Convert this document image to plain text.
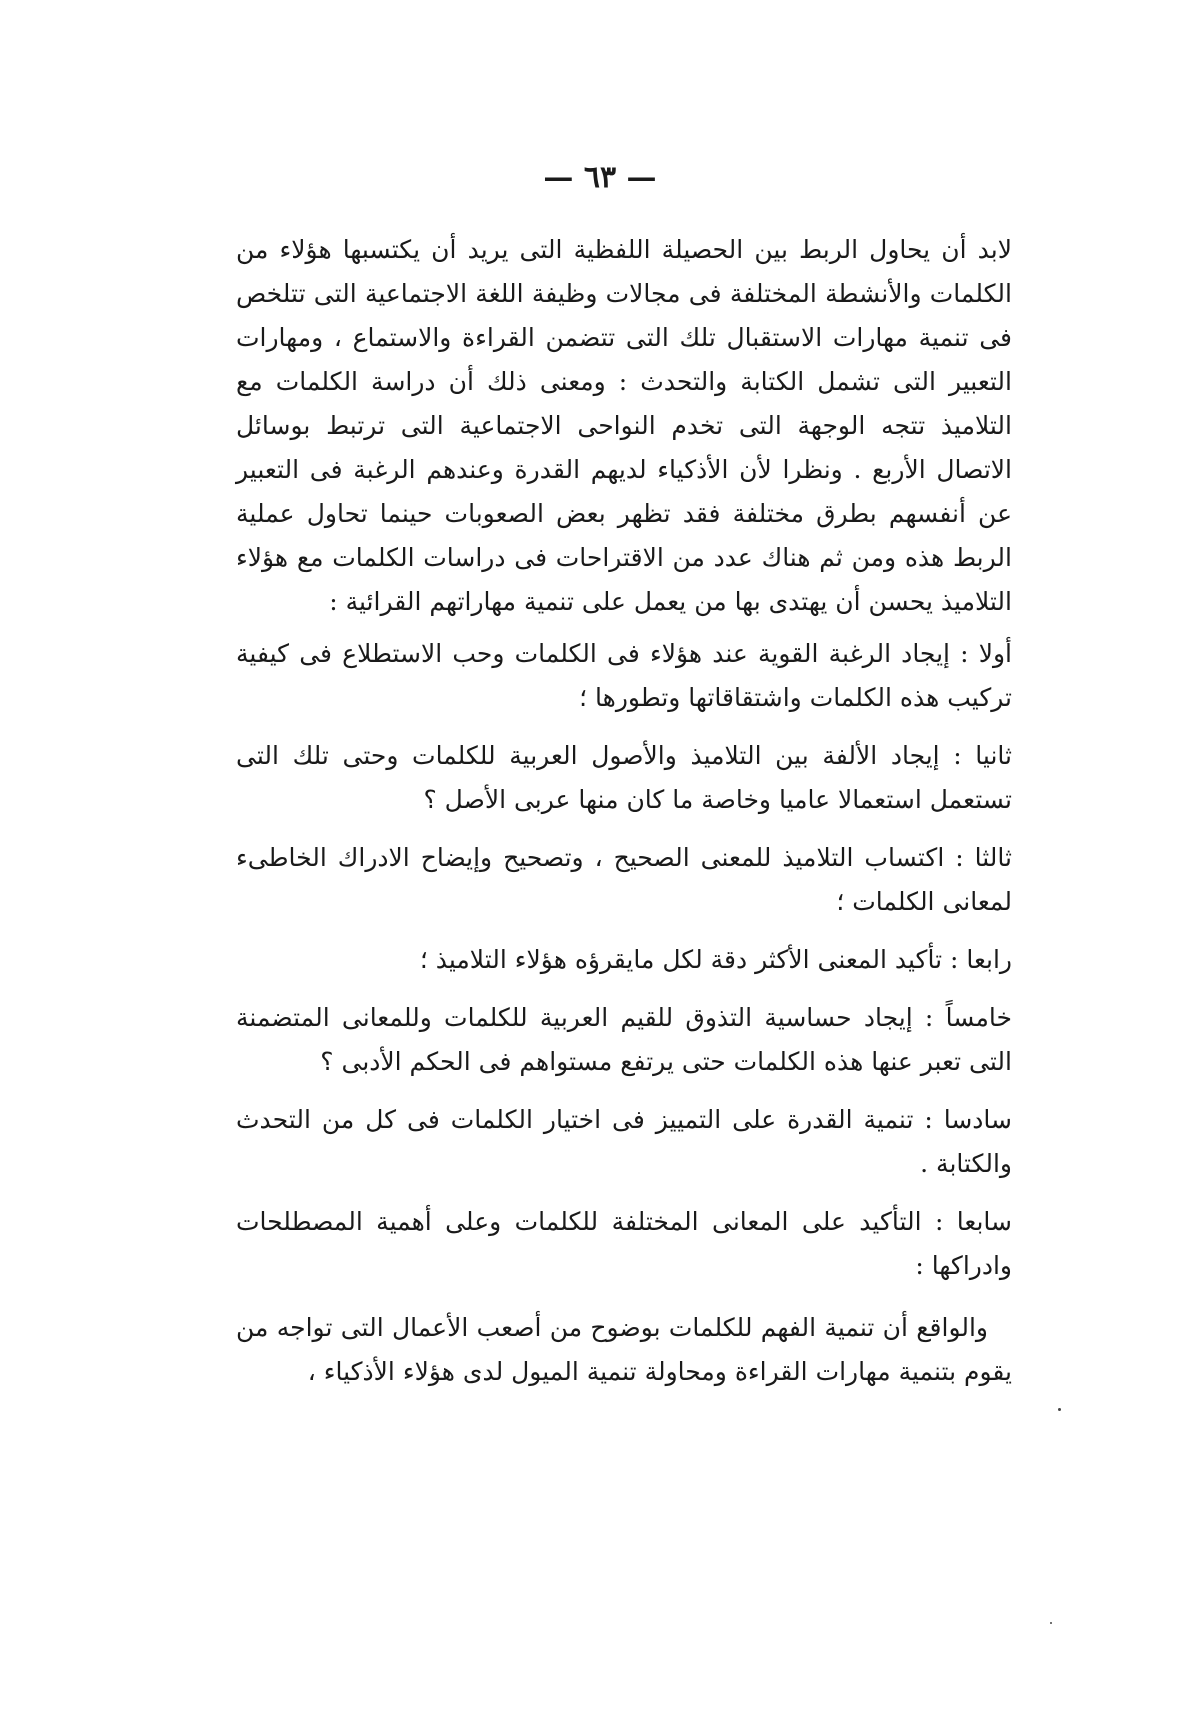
— ٦٣ —

لابد أن يحاول الربط بين الحصيلة اللفظية التى يريد أن يكتسبها هؤلاء من الكلمات والأنشطة المختلفة فى مجالات وظيفة اللغة الاجتماعية التى تتلخص فى تنمية مهارات الاستقبال تلك التى تتضمن القراءة والاستماع ، ومهارات التعبير التى تشمل الكتابة والتحدث : ومعنى ذلك أن دراسة الكلمات مع التلاميذ تتجه الوجهة التى تخدم النواحى الاجتماعية التى ترتبط بوسائل الاتصال الأربع . ونظرا لأن الأذكياء لديهم القدرة وعندهم الرغبة فى التعبير عن أنفسهم بطرق مختلفة فقد تظهر بعض الصعوبات حينما تحاول عملية الربط هذه ومن ثم هناك عدد من الاقتراحات فى دراسات الكلمات مع هؤلاء التلاميذ يحسن أن يهتدى بها من يعمل على تنمية مهاراتهم القرائية :

أولا : إيجاد الرغبة القوية عند هؤلاء فى الكلمات وحب الاستطلاع فى كيفية تركيب هذه الكلمات واشتقاقاتها وتطورها ؛

ثانيا : إيجاد الألفة بين التلاميذ والأصول العربية للكلمات وحتى تلك التى تستعمل استعمالا عاميا وخاصة ما كان منها عربى الأصل ؟

ثالثا : اكتساب التلاميذ للمعنى الصحيح ، وتصحيح وإيضاح الادراك الخاطىء لمعانى الكلمات ؛

رابعا : تأكيد المعنى الأكثر دقة لكل مايقرؤه هؤلاء التلاميذ ؛

خامساً : إيجاد حساسية التذوق للقيم العربية للكلمات وللمعانى المتضمنة التى تعبر عنها هذه الكلمات حتى يرتفع مستواهم فى الحكم الأدبى ؟

سادسا : تنمية القدرة على التمييز فى اختيار الكلمات فى كل من التحدث والكتابة .

سابعا : التأكيد على المعانى المختلفة للكلمات وعلى أهمية المصطلحات وادراكها :

والواقع أن تنمية الفهم للكلمات بوضوح من أصعب الأعمال التى تواجه من يقوم بتنمية مهارات القراءة ومحاولة تنمية الميول لدى هؤلاء الأذكياء ،
